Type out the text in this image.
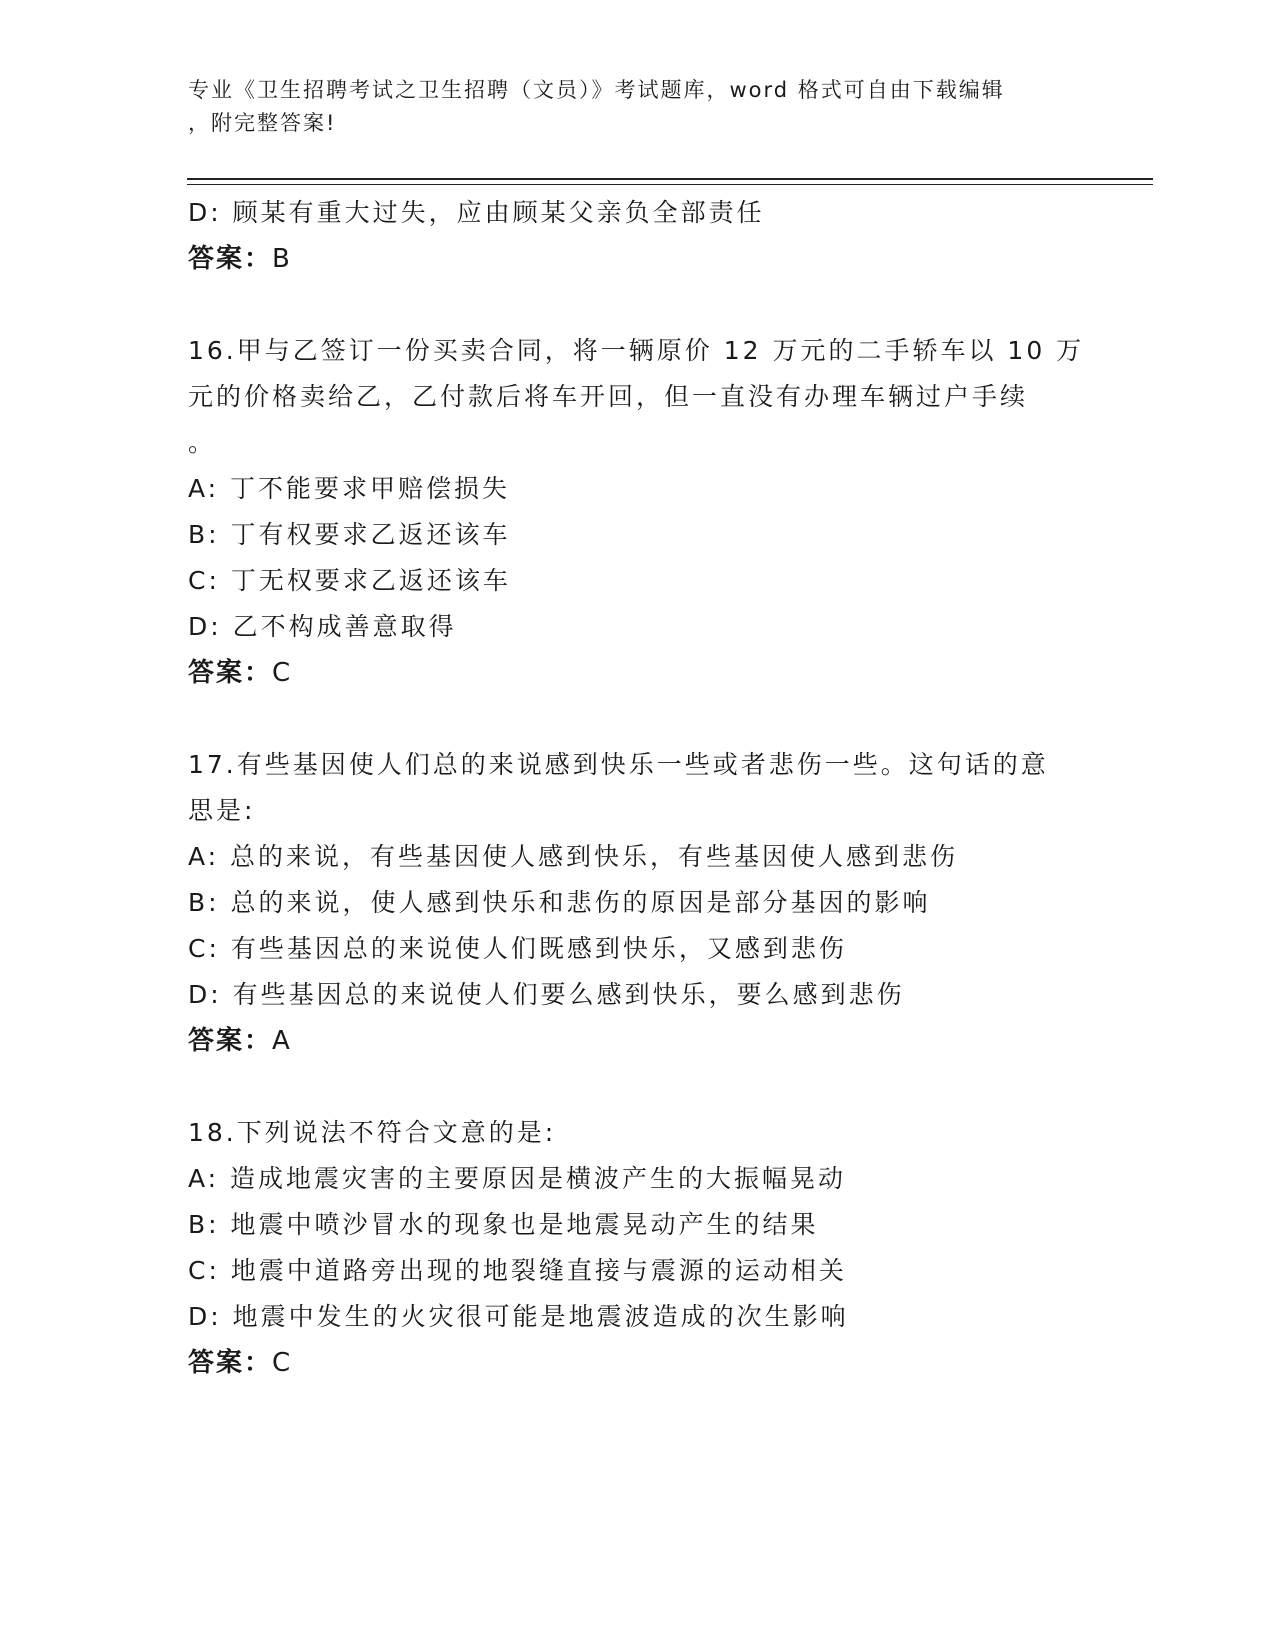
专业《卫生招聘考试之卫生招聘（文员）》考试题库，word 格式可自由下载编辑
，附完整答案!
D: 顾某有重大过失，应由顾某父亲负全部责任
答案：B
16.甲与乙签订一份买卖合同，将一辆原价 12 万元的二手轿车以 10 万
元的价格卖给乙，乙付款后将车开回，但一直没有办理车辆过户手续
。
A: 丁不能要求甲赔偿损失
B: 丁有权要求乙返还该车
C: 丁无权要求乙返还该车
D: 乙不构成善意取得
答案：C
17.有些基因使人们总的来说感到快乐一些或者悲伤一些。这句话的意
思是:
A: 总的来说，有些基因使人感到快乐，有些基因使人感到悲伤
B: 总的来说，使人感到快乐和悲伤的原因是部分基因的影响
C: 有些基因总的来说使人们既感到快乐，又感到悲伤
D: 有些基因总的来说使人们要么感到快乐，要么感到悲伤
答案：A
18.下列说法不符合文意的是:
A: 造成地震灾害的主要原因是横波产生的大振幅晃动
B: 地震中喷沙冒水的现象也是地震晃动产生的结果
C: 地震中道路旁出现的地裂缝直接与震源的运动相关
D: 地震中发生的火灾很可能是地震波造成的次生影响
答案：C
